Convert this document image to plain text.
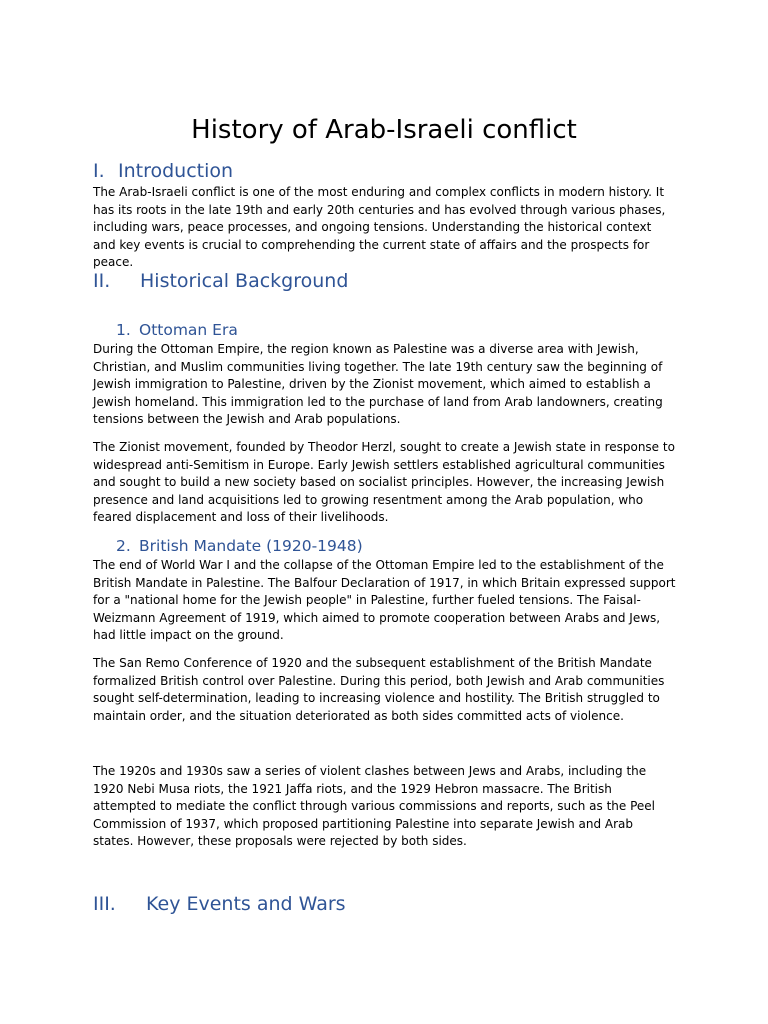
History of Arab-Israeli conflict
I. Introduction

The Arab-Israeli conflict is one of the most enduring and complex conflicts in modern history. It has its roots in the late 19th and early 20th centuries and has evolved through various phases, including wars, peace processes, and ongoing tensions. Understanding the historical context and key events is crucial to comprehending the current state of affairs and the prospects for peace.

II. Historical Background
1. Ottoman Era

During the Ottoman Empire, the region known as Palestine was a diverse area with Jewish, Christian, and Muslim communities living together. The late 19th century saw the beginning of Jewish immigration to Palestine, driven by the Zionist movement, which aimed to establish a Jewish homeland. This immigration led to the purchase of land from Arab landowners, creating tensions between the Jewish and Arab populations.

The Zionist movement, founded by Theodor Herzl, sought to create a Jewish state in response to widespread anti-Semitism in Europe. Early Jewish settlers established agricultural communities and sought to build a new society based on socialist principles. However, the increasing Jewish presence and land acquisitions led to growing resentment among the Arab population, who feared displacement and loss of their livelihoods.

2. British Mandate (1920-1948)

The end of World War I and the collapse of the Ottoman Empire led to the establishment of the British Mandate in Palestine. The Balfour Declaration of 1917, in which Britain expressed support for a "national home for the Jewish people" in Palestine, further fueled tensions. The Faisal-Weizmann Agreement of 1919, which aimed to promote cooperation between Arabs and Jews, had little impact on the ground.

The San Remo Conference of 1920 and the subsequent establishment of the British Mandate formalized British control over Palestine. During this period, both Jewish and Arab communities sought self-determination, leading to increasing violence and hostility. The British struggled to maintain order, and the situation deteriorated as both sides committed acts of violence.

The 1920s and 1930s saw a series of violent clashes between Jews and Arabs, including the 1920 Nebi Musa riots, the 1921 Jaffa riots, and the 1929 Hebron massacre. The British attempted to mediate the conflict through various commissions and reports, such as the Peel Commission of 1937, which proposed partitioning Palestine into separate Jewish and Arab states. However, these proposals were rejected by both sides.

III. Key Events and Wars
